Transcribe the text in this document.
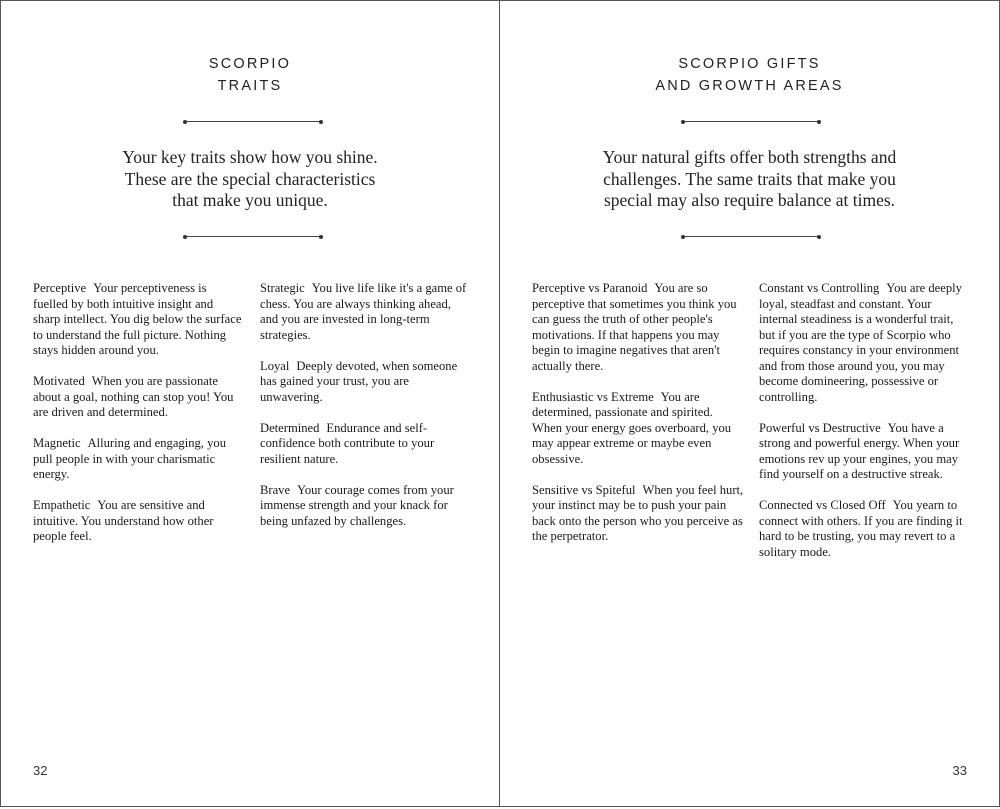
SCORPIO
TRAITS
Your key traits show how you shine.
These are the special characteristics
that make you unique.

Perceptive Your perceptiveness is fuelled by both intuitive insight and sharp intellect. You dig below the surface to understand the full picture. Nothing stays hidden around you.

Motivated When you are passionate about a goal, nothing can stop you! You are driven and determined.

Magnetic Alluring and engaging, you pull people in with your charismatic energy.

Empathetic You are sensitive and intuitive. You understand how other people feel.

Strategic You live life like it's a game of chess. You are always thinking ahead, and you are invested in long-term strategies.

Loyal Deeply devoted, when someone has gained your trust, you are unwavering.

Determined Endurance and self-confidence both contribute to your resilient nature.

Brave Your courage comes from your immense strength and your knack for being unfazed by challenges.

32
SCORPIO GIFTS
AND GROWTH AREAS
Your natural gifts offer both strengths and
challenges. The same traits that make you
special may also require balance at times.

Perceptive vs Paranoid You are so perceptive that sometimes you think you can guess the truth of other people's motivations. If that happens you may begin to imagine negatives that aren't actually there.

Enthusiastic vs Extreme You are determined, passionate and spirited. When your energy goes overboard, you may appear extreme or maybe even obsessive.

Sensitive vs Spiteful When you feel hurt, your instinct may be to push your pain back onto the person who you perceive as the perpetrator.

Constant vs Controlling You are deeply loyal, steadfast and constant. Your internal steadiness is a wonderful trait, but if you are the type of Scorpio who requires constancy in your environment and from those around you, you may become domineering, possessive or controlling.

Powerful vs Destructive You have a strong and powerful energy. When your emotions rev up your engines, you may find yourself on a destructive streak.

Connected vs Closed Off You yearn to connect with others. If you are finding it hard to be trusting, you may revert to a solitary mode.

33
